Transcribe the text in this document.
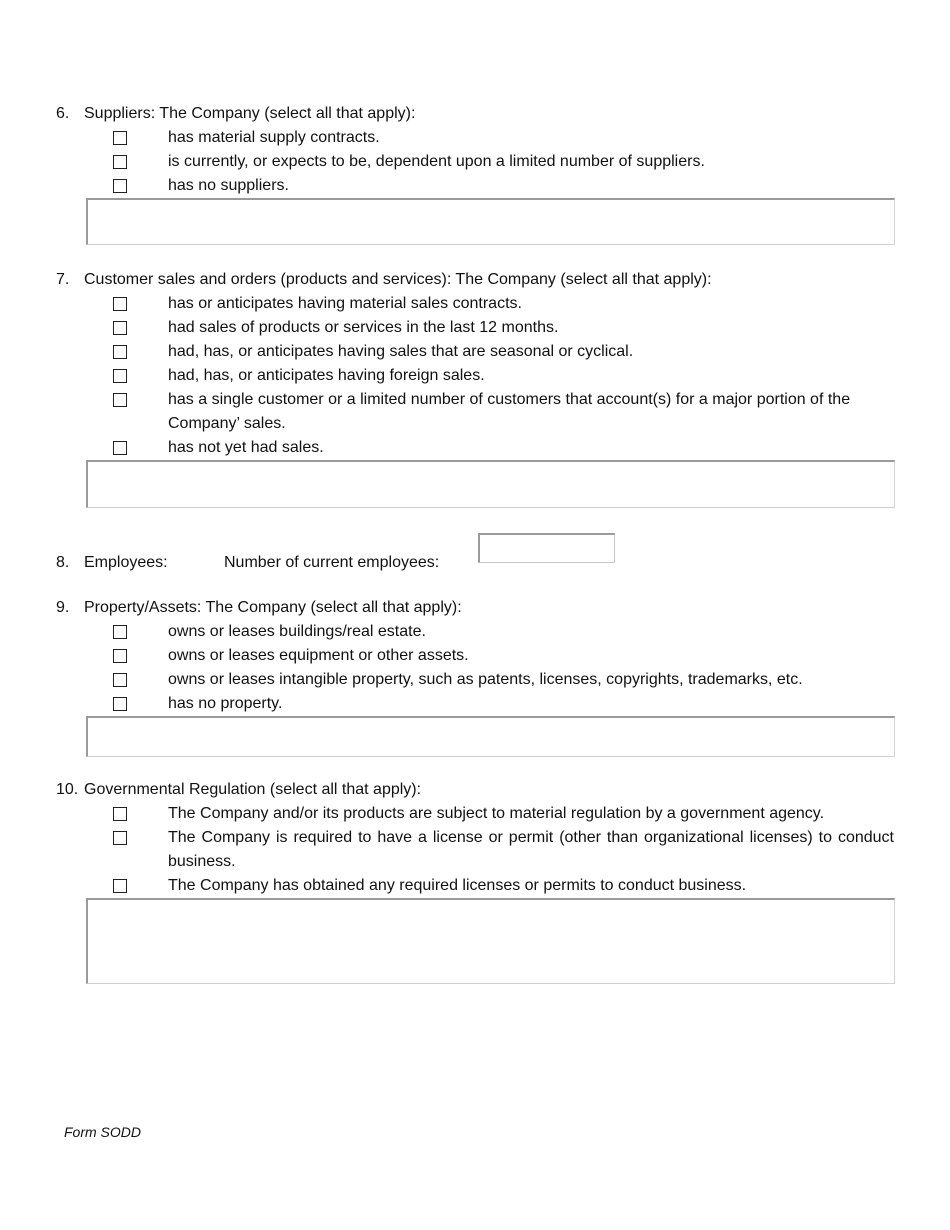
6. Suppliers: The Company (select all that apply):
has material supply contracts.
is currently, or expects to be, dependent upon a limited number of suppliers.
has no suppliers.
7. Customer sales and orders (products and services): The Company (select all that apply):
has or anticipates having material sales contracts.
had sales of products or services in the last 12 months.
had, has, or anticipates having sales that are seasonal or cyclical.
had, has, or anticipates having foreign sales.
has a single customer or a limited number of customers that account(s) for a major portion of the Company’ sales.
has not yet had sales.
8. Employees:	Number of current employees:
9. Property/Assets: The Company (select all that apply):
owns or leases buildings/real estate.
owns or leases equipment or other assets.
owns or leases intangible property, such as patents, licenses, copyrights, trademarks, etc.
has no property.
10. Governmental Regulation (select all that apply):
The Company and/or its products are subject to material regulation by a government agency.
The Company is required to have a license or permit (other than organizational licenses) to conduct business.
The Company has obtained any required licenses or permits to conduct business.
Form SODD
